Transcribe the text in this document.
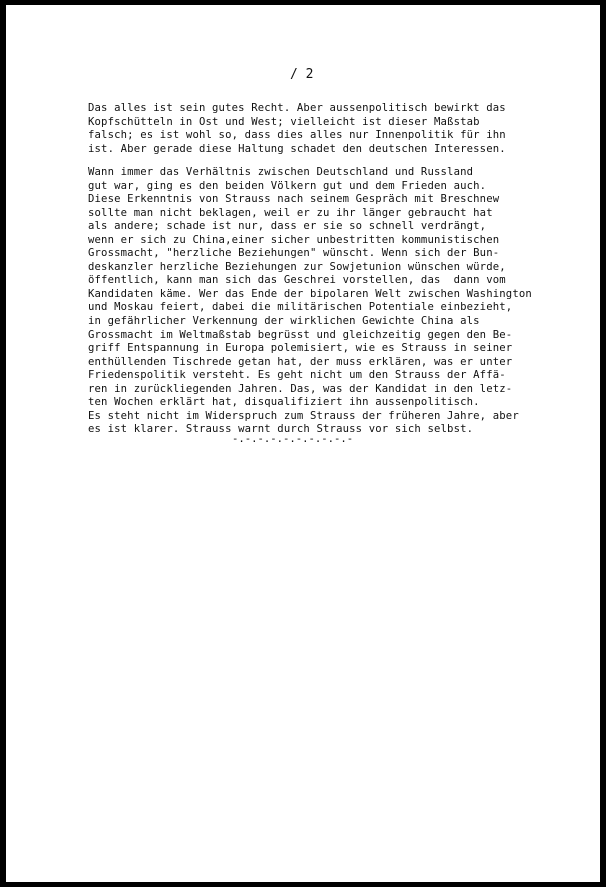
/ 2

Das alles ist sein gutes Recht. Aber aussenpolitisch bewirkt das
Kopfschütteln in Ost und West; vielleicht ist dieser Maßstab
falsch; es ist wohl so, dass dies alles nur Innenpolitik für ihn
ist. Aber gerade diese Haltung schadet den deutschen Interessen.

Wann immer das Verhältnis zwischen Deutschland und Russland
gut war, ging es den beiden Völkern gut und dem Frieden auch.
Diese Erkenntnis von Strauss nach seinem Gespräch mit Breschnew
sollte man nicht beklagen, weil er zu ihr länger gebraucht hat
als andere; schade ist nur, dass er sie so schnell verdrängt,
wenn er sich zu China,einer sicher unbestritten kommunistischen
Grossmacht, "herzliche Beziehungen" wünscht. Wenn sich der Bun-
deskanzler herzliche Beziehungen zur Sowjetunion wünschen würde,
öffentlich, kann man sich das Geschrei vorstellen, das  dann vom
Kandidaten käme. Wer das Ende der bipolaren Welt zwischen Washington
und Moskau feiert, dabei die militärischen Potentiale einbezieht,
in gefährlicher Verkennung der wirklichen Gewichte China als
Grossmacht im Weltmaßstab begrüsst und gleichzeitig gegen den Be-
griff Entspannung in Europa polemisiert, wie es Strauss in seiner
enthüllenden Tischrede getan hat, der muss erklären, was er unter
Friedenspolitik versteht. Es geht nicht um den Strauss der Affä-
ren in zurückliegenden Jahren. Das, was der Kandidat in den letz-
ten Wochen erklärt hat, disqualifiziert ihn aussenpolitisch.
Es steht nicht im Widerspruch zum Strauss der früheren Jahre, aber
es ist klarer. Strauss warnt durch Strauss vor sich selbst.

-.-.-.-.-.-.-.-.-.-
